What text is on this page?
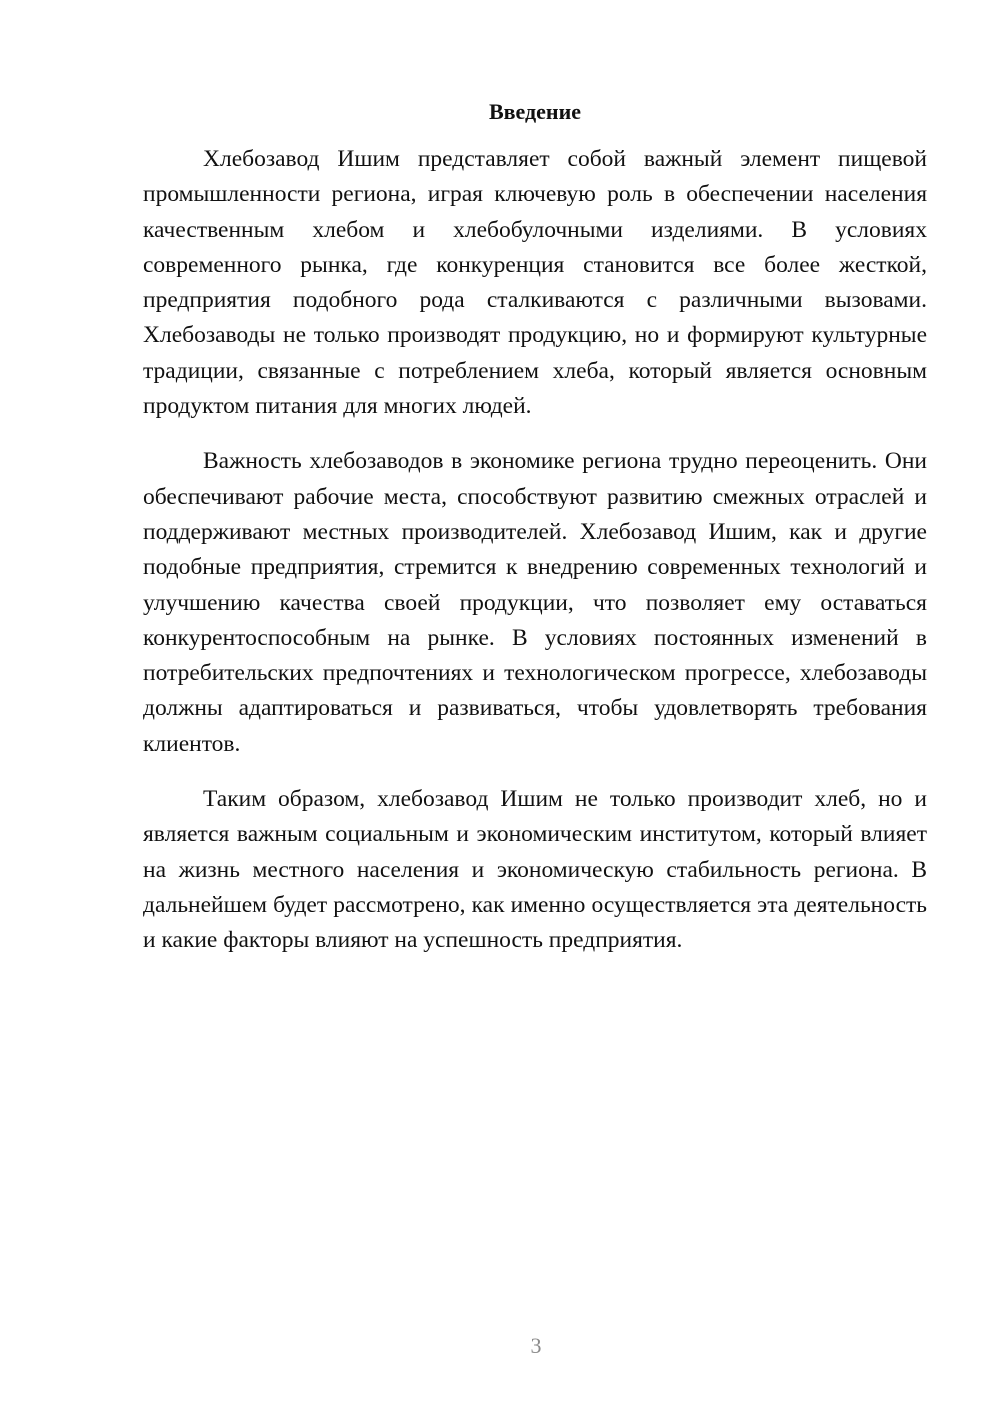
Введение

Хлебозавод Ишим представляет собой важный элемент пищевой промышленности региона, играя ключевую роль в обеспечении населения качественным хлебом и хлебобулочными изделиями. В условиях современного рынка, где конкуренция становится все более жесткой, предприятия подобного рода сталкиваются с различными вызовами. Хлебозаводы не только производят продукцию, но и формируют культурные традиции, связанные с потреблением хлеба, который является основным продуктом питания для многих людей.

Важность хлебозаводов в экономике региона трудно переоценить. Они обеспечивают рабочие места, способствуют развитию смежных отраслей и поддерживают местных производителей. Хлебозавод Ишим, как и другие подобные предприятия, стремится к внедрению современных технологий и улучшению качества своей продукции, что позволяет ему оставаться конкурентоспособным на рынке. В условиях постоянных изменений в потребительских предпочтениях и технологическом прогрессе, хлебозаводы должны адаптироваться и развиваться, чтобы удовлетворять требования клиентов.

Таким образом, хлебозавод Ишим не только производит хлеб, но и является важным социальным и экономическим институтом, который влияет на жизнь местного населения и экономическую стабильность региона. В дальнейшем будет рассмотрено, как именно осуществляется эта деятельность и какие факторы влияют на успешность предприятия.

3
